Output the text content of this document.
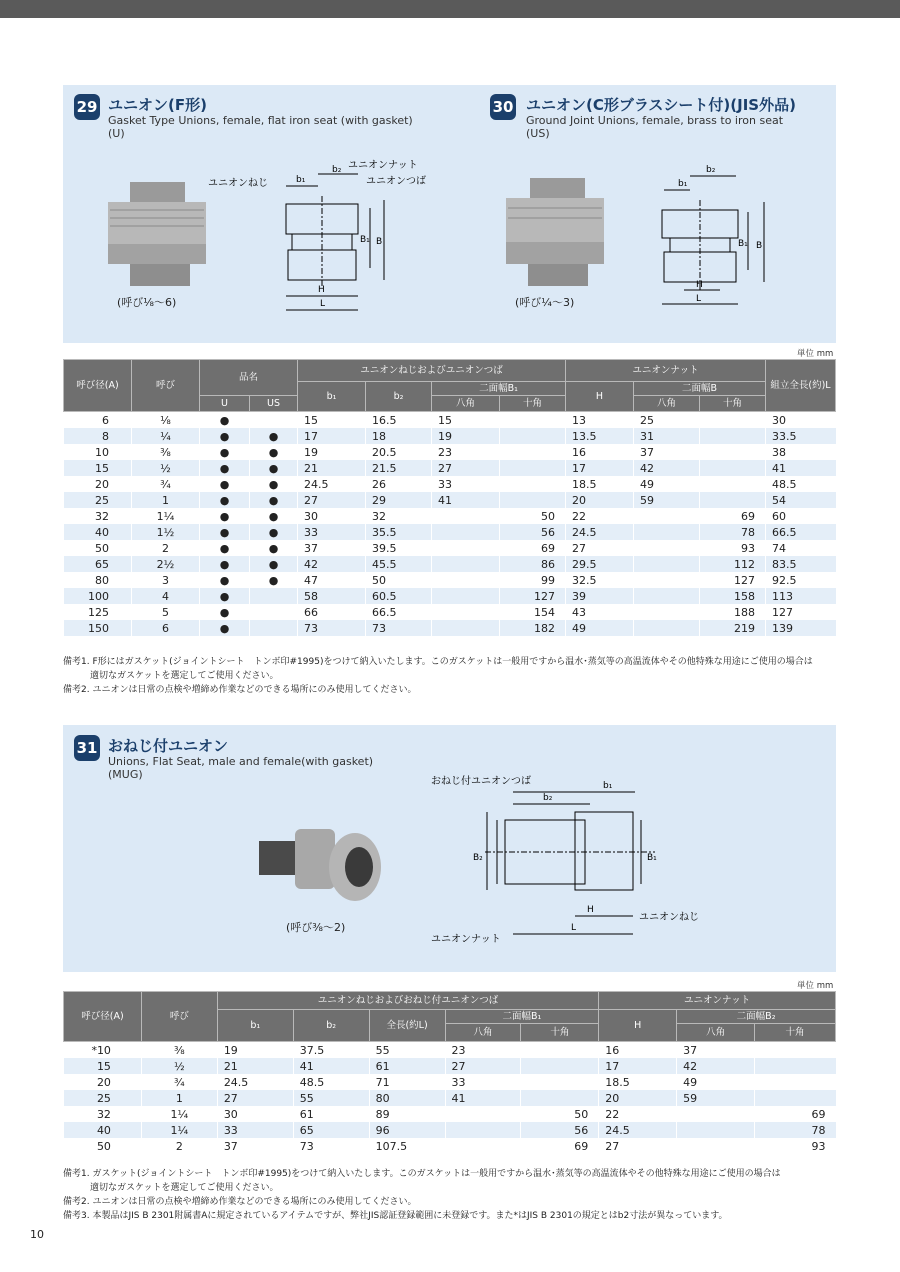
29 ユニオン(F形)
Gasket Type Unions, female, flat iron seat (with gasket)
(U)
(呼び⅛〜6)
ユニオンナット
ユニオンつば
ユニオンねじ
b₂
b₁
B₁ B
H
L
30 ユニオン(C形ブラスシート付)(JIS外品)
Ground Joint Unions, female, brass to iron seat
(US)
(呼び¼〜3)
b₂
b₁
B₁ B
H
L
単位 mm
呼び径(A)	呼び	品名		ユニオンねじおよびユニオンつば				ユニオンナット			組立全長(約)L
				b₁	b₂	二面幅B₁		H	二面幅B		
		U	US			八角	十角		八角	十角	
6	⅛	●		15	16.5	15		13	25		30
8	¼	●	●	17	18	19		13.5	31		33.5
10	⅜	●	●	19	20.5	23		16	37		38
15	½	●	●	21	21.5	27		17	42		41
20	¾	●	●	24.5	26	33		18.5	49		48.5
25	1	●	●	27	29	41		20	59		54
32	1¼	●	●	30	32		50	22		69	60
40	1½	●	●	33	35.5		56	24.5		78	66.5
50	2	●	●	37	39.5		69	27		93	74
65	2½	●	●	42	45.5		86	29.5		112	83.5
80	3	●	●	47	50		99	32.5		127	92.5
100	4	●		58	60.5		127	39		158	113
125	5	●		66	66.5		154	43		188	127
150	6	●		73	73		182	49		219	139
備考1. F形にはガスケット(ジョイントシート　トンボ印#1995)をつけて納入いたします。このガスケットは一般用ですから温水･蒸気等の高温流体やその他特殊な用途にご使用の場合は
　　　適切なガスケットを選定してご使用ください。
備考2. ユニオンは日常の点検や増締め作業などのできる場所にのみ使用してください。
31 おねじ付ユニオン
Unions, Flat Seat, male and female(with gasket)
(MUG)
(呼び⅜〜2)
おねじ付ユニオンつば	b₁
b₂
B₂	B₁
H
L
ユニオンねじ
ユニオンナット
単位 mm
呼び径(A)	呼び	ユニオンねじおよびおねじ付ユニオンつば					ユニオンナット		
		b₁	b₂	全長(約L)	二面幅B₁		H	二面幅B₂	
					八角	十角		八角	十角
*10	⅜	19	37.5	55	23		16	37	
15	½	21	41	61	27		17	42	
20	¾	24.5	48.5	71	33		18.5	49	
25	1	27	55	80	41		20	59	
32	1¼	30	61	89		50	22		69
40	1¼	33	65	96		56	24.5		78
50	2	37	73	107.5		69	27		93
備考1. ガスケット(ジョイントシート　トンボ印#1995)をつけて納入いたします。このガスケットは一般用ですから温水･蒸気等の高温流体やその他特殊な用途にご使用の場合は
　　　適切なガスケットを選定してご使用ください。
備考2. ユニオンは日常の点検や増締め作業などのできる場所にのみ使用してください。
備考3. 本製品はJIS B 2301附属書Aに規定されているアイテムですが、弊社JIS認証登録範囲に未登録です。また*はJIS B 2301の規定とはb2寸法が異なっています。
10
